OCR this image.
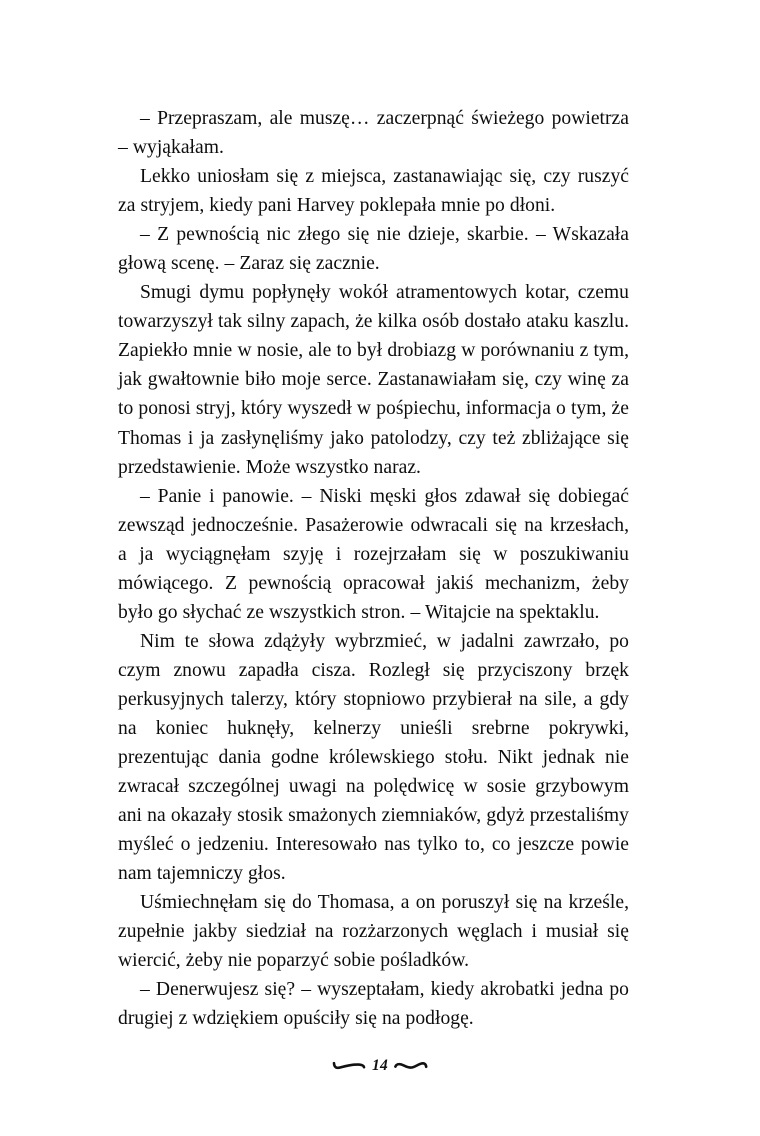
– Przepraszam, ale muszę… zaczerpnąć świeżego powietrza – wyjąkałam.

Lekko uniosłam się z miejsca, zastanawiając się, czy ruszyć za stryjem, kiedy pani Harvey poklepała mnie po dłoni.

– Z pewnością nic złego się nie dzieje, skarbie. – Wskazała głową scenę. – Zaraz się zacznie.

Smugi dymu popłynęły wokół atramentowych kotar, czemu towarzyszył tak silny zapach, że kilka osób dostało ataku kaszlu. Zapiekło mnie w nosie, ale to był drobiazg w porównaniu z tym, jak gwałtownie biło moje serce. Zastanawiałam się, czy winę za to ponosi stryj, który wyszedł w pośpiechu, informacja o tym, że Thomas i ja zasłynęliśmy jako patolodzy, czy też zbliżające się przedstawienie. Może wszystko naraz.

– Panie i panowie. – Niski męski głos zdawał się dobiegać zewsząd jednocześnie. Pasażerowie odwracali się na krzesłach, a ja wyciągnęłam szyję i rozejrzałam się w poszukiwaniu mówiącego. Z pewnością opracował jakiś mechanizm, żeby było go słychać ze wszystkich stron. – Witajcie na spektaklu.

Nim te słowa zdążyły wybrzmieć, w jadalni zawrzało, po czym znowu zapadła cisza. Rozległ się przyciszony brzęk perkusyjnych talerzy, który stopniowo przybierał na sile, a gdy na koniec huknęły, kelnerzy unieśli srebrne pokrywki, prezentując dania godne królewskiego stołu. Nikt jednak nie zwracał szczególnej uwagi na polędwicę w sosie grzybowym ani na okazały stosik smażonych ziemniaków, gdyż przestaliśmy myśleć o jedzeniu. Interesowało nas tylko to, co jeszcze powie nam tajemniczy głos.

Uśmiechnęłam się do Thomasa, a on poruszył się na krześle, zupełnie jakby siedział na rozżarzonych węglach i musiał się wiercić, żeby nie poparzyć sobie pośladków.

– Denerwujesz się? – wyszeptałam, kiedy akrobatki jedna po drugiej z wdziękiem opuściły się na podłogę.

14
